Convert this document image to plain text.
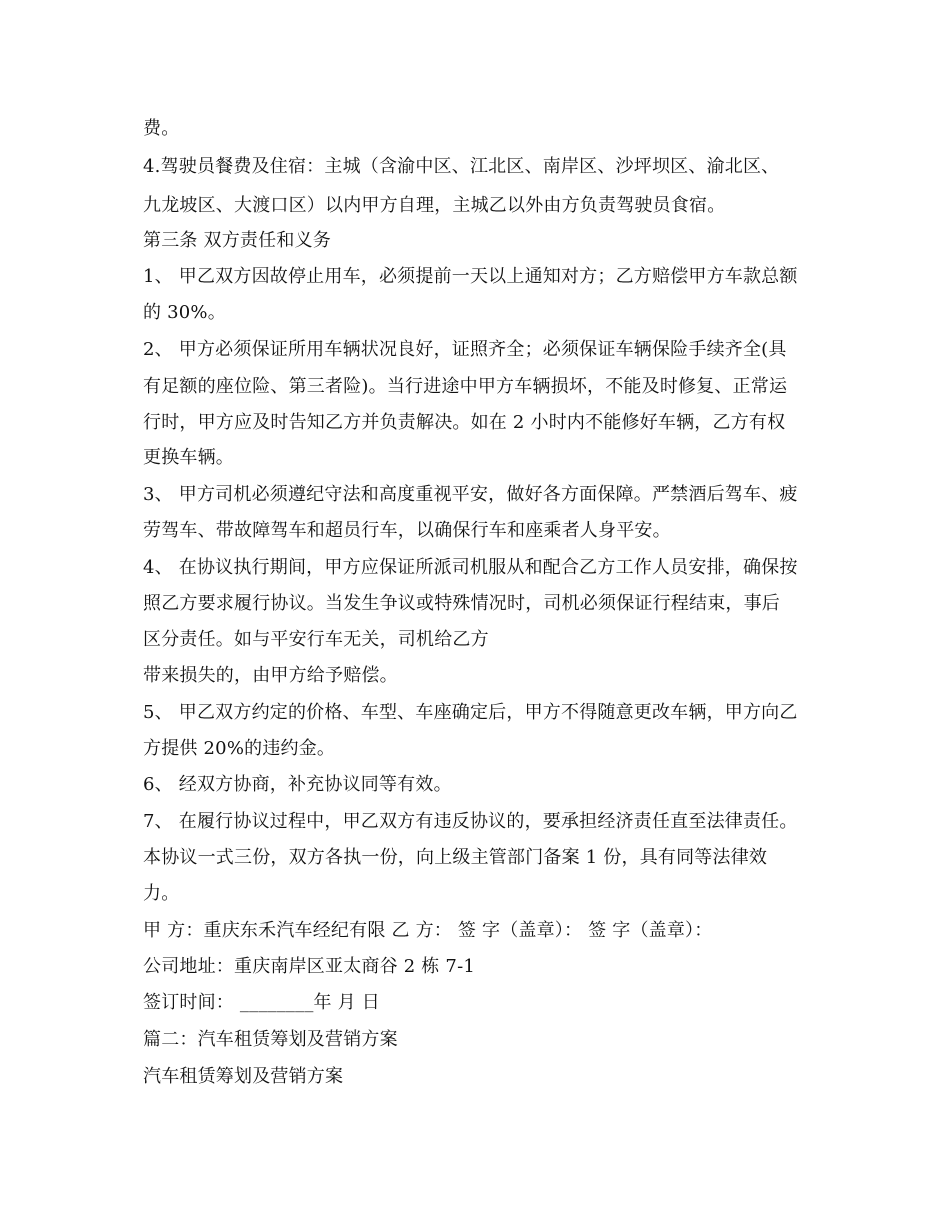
费。
4.驾驶员餐费及住宿：主城（含渝中区、江北区、南岸区、沙坪坝区、渝北区、
九龙坡区、大渡口区）以内甲方自理，主城乙以外由方负责驾驶员食宿。
第三条 双方责任和义务
1、 甲乙双方因故停止用车，必须提前一天以上通知对方；乙方赔偿甲方车款总额
的 30%。
2、 甲方必须保证所用车辆状况良好，证照齐全；必须保证车辆保险手续齐全(具
有足额的座位险、第三者险)。当行进途中甲方车辆损坏，不能及时修复、正常运
行时，甲方应及时告知乙方并负责解决。如在 2 小时内不能修好车辆，乙方有权
更换车辆。
3、 甲方司机必须遵纪守法和高度重视平安，做好各方面保障。严禁酒后驾车、疲
劳驾车、带故障驾车和超员行车，以确保行车和座乘者人身平安。
4、 在协议执行期间，甲方应保证所派司机服从和配合乙方工作人员安排，确保按
照乙方要求履行协议。当发生争议或特殊情况时，司机必须保证行程结束，事后
区分责任。如与平安行车无关，司机给乙方
带来损失的，由甲方给予赔偿。
5、 甲乙双方约定的价格、车型、车座确定后，甲方不得随意更改车辆，甲方向乙
方提供 20%的违约金。
6、 经双方协商，补充协议同等有效。
7、 在履行协议过程中，甲乙双方有违反协议的，要承担经济责任直至法律责任。
本协议一式三份，双方各执一份，向上级主管部门备案 1 份，具有同等法律效
力。
甲 方：重庆东禾汽车经纪有限 乙 方： 签 字（盖章）： 签 字（盖章）：
公司地址：重庆南岸区亚太商谷 2 栋 7-1
签订时间： ________年 月 日
篇二：汽车租赁筹划及营销方案
汽车租赁筹划及营销方案
